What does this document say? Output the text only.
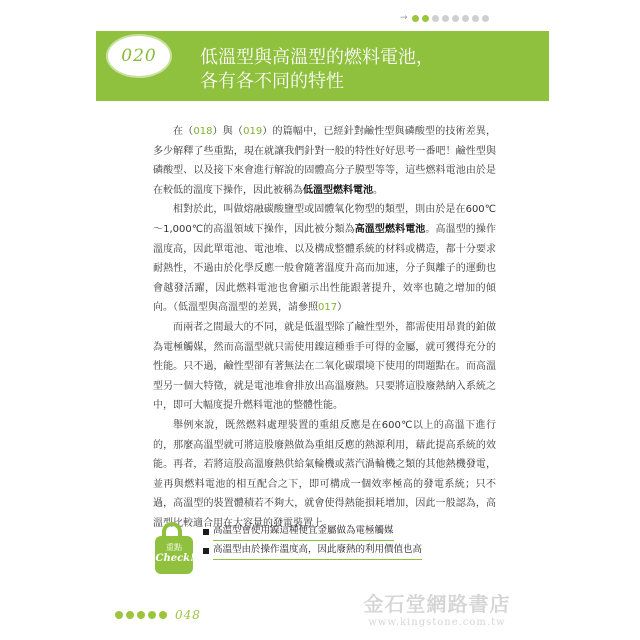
→
020 低溫型與高溫型的燃料電池，
各有各不同的特性

在（018）與（019）的篇幅中，已經針對鹼性型與磷酸型的技術差異，多少解釋了些重點，現在就讓我們針對一般的特性好好思考一番吧！鹼性型與磷酸型、以及接下來會進行解說的固體高分子膜型等等，這些燃料電池由於是在較低的溫度下操作，因此被稱為低溫型燃料電池。

相對於此，叫做熔融碳酸鹽型或固體氧化物型的類型，則由於是在600℃～1,000℃的高溫領域下操作，因此被分類為高溫型燃料電池。高溫型的操作溫度高，因此單電池、電池堆、以及構成整體系統的材料或構造，都十分要求耐熱性，不過由於化學反應一般會隨著溫度升高而加速，分子與離子的運動也會越發活躍，因此燃料電池也會顯示出性能跟著提升，效率也隨之增加的傾向。（低溫型與高溫型的差異，請參照017）

而兩者之間最大的不同，就是低溫型除了鹼性型外，都需使用昂貴的鉑做為電極觸媒，然而高溫型就只需使用鎳這種垂手可得的金屬，就可獲得充分的性能。只不過，鹼性型卻有著無法在二氧化碳環境下使用的問題點在。而高溫型另一個大特徵，就是電池堆會排放出高溫廢熱。只要將這股廢熱納入系統之中，即可大幅度提升燃料電池的整體性能。

舉例來說，既然燃料處理裝置的重組反應是在600℃以上的高溫下進行的，那麼高溫型就可將這股廢熱做為重組反應的熱源利用，藉此提高系統的效能。再者，若將這股高溫廢熱供給氣輪機或蒸汽渦輪機之類的其他熱機發電，並再與燃料電池的相互配合之下，即可構成一個效率極高的發電系統；只不過，高溫型的裝置體積若不夠大，就會使得熱能損耗增加，因此一般認為，高溫型比較適合用在大容量的發電裝置上。

重點
Check!
高溫型會使用鎳這種便宜金屬做為電極觸媒
高溫型由於操作溫度高，因此廢熱的利用價值也高
048	金石堂網路書店
www.kingstone.com.tw
